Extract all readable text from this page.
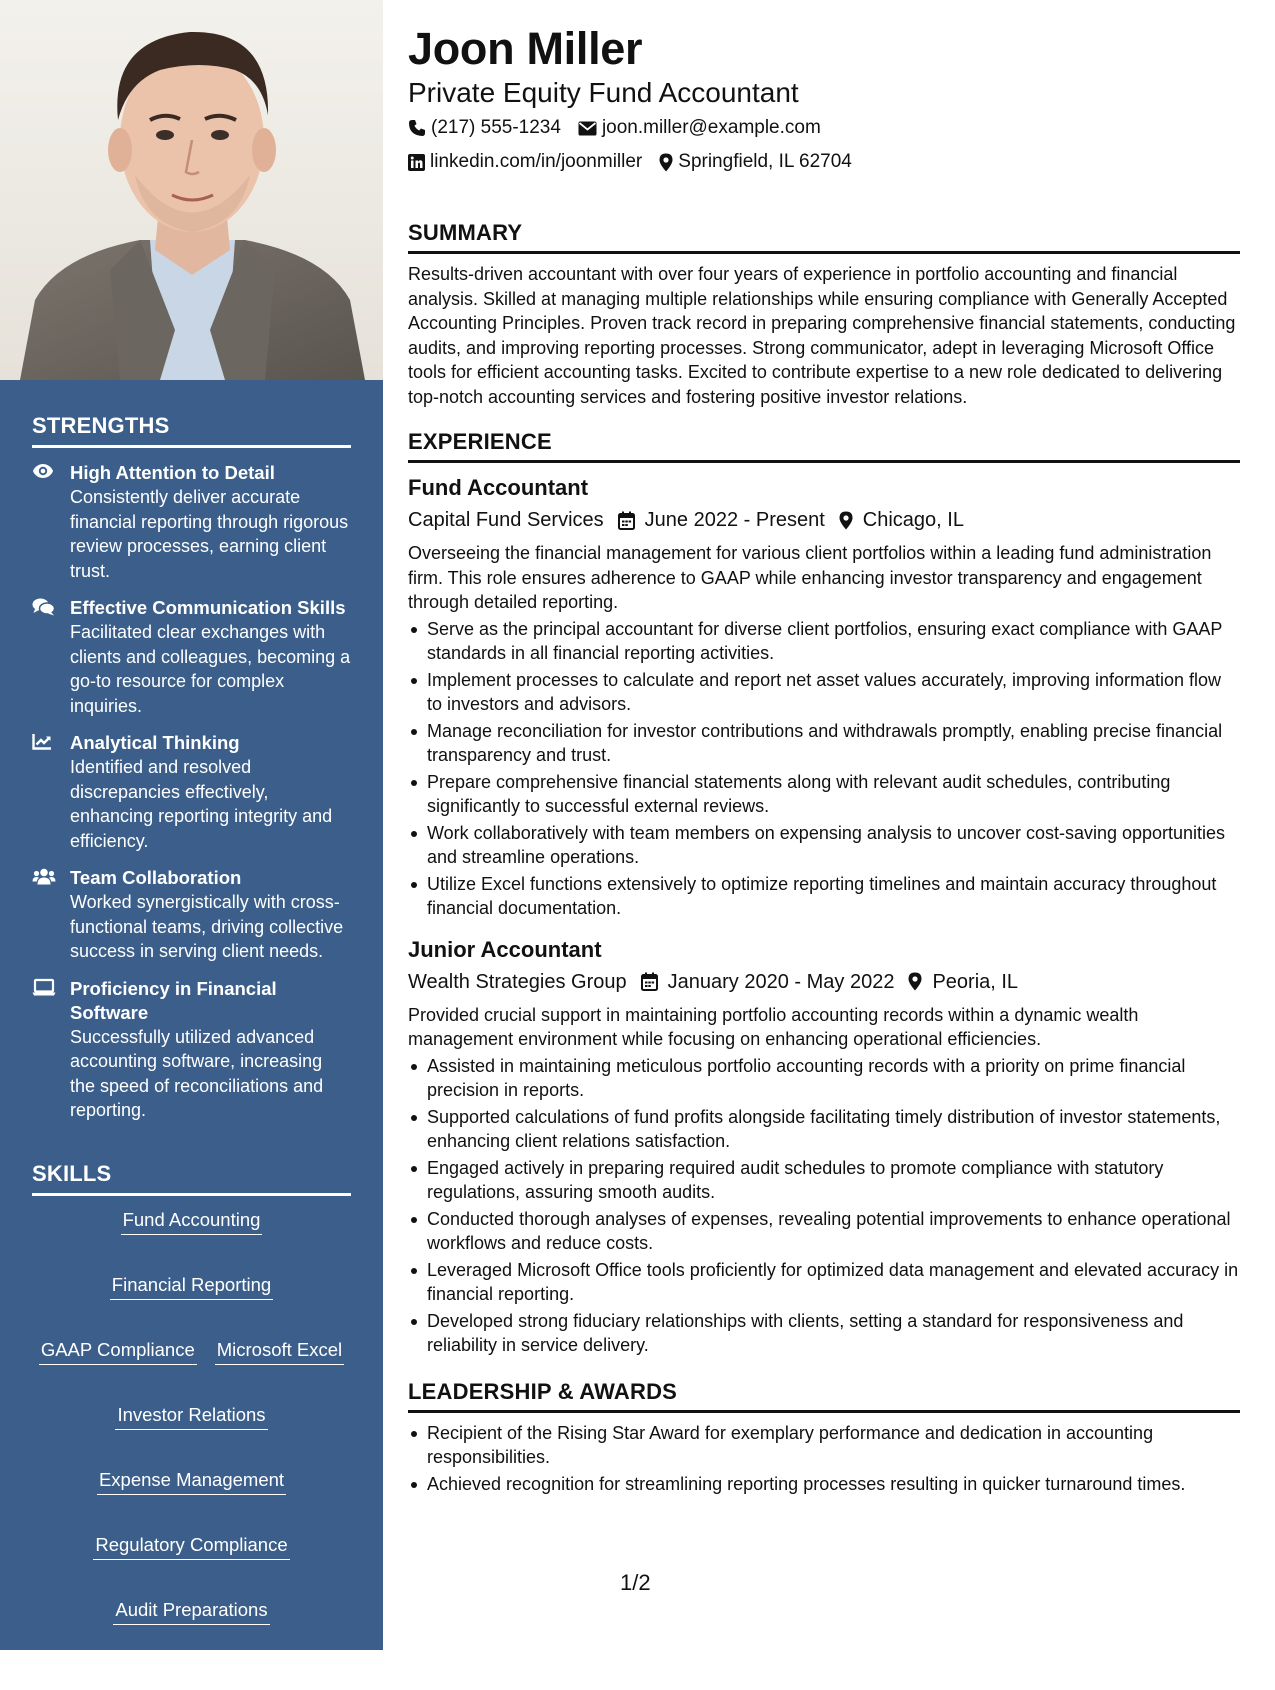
STRENGTHS
High Attention to Detail
Consistently deliver accurate financial reporting through rigorous review processes, earning client trust.
Effective Communication Skills
Facilitated clear exchanges with clients and colleagues, becoming a go-to resource for complex inquiries.
Analytical Thinking
Identified and resolved discrepancies effectively, enhancing reporting integrity and efficiency.
Team Collaboration
Worked synergistically with cross-functional teams, driving collective success in serving client needs.
Proficiency in Financial Software
Successfully utilized advanced accounting software, increasing the speed of reconciliations and reporting.
SKILLS
Fund Accounting
Financial Reporting
GAAP Compliance Microsoft Excel
Investor Relations
Expense Management
Regulatory Compliance
Audit Preparations
Net Asset Valuation
Joon Miller
Private Equity Fund Accountant
(217) 555-1234 joon.miller@example.com
linkedin.com/in/joonmiller Springfield, IL 62704
SUMMARY
Results-driven accountant with over four years of experience in portfolio accounting and financial analysis. Skilled at managing multiple relationships while ensuring compliance with Generally Accepted Accounting Principles. Proven track record in preparing comprehensive financial statements, conducting audits, and improving reporting processes. Strong communicator, adept in leveraging Microsoft Office tools for efficient accounting tasks. Excited to contribute expertise to a new role dedicated to delivering top-notch accounting services and fostering positive investor relations.
EXPERIENCE
Fund Accountant
Capital Fund Services June 2022 - Present Chicago, IL
Overseeing the financial management for various client portfolios within a leading fund administration firm. This role ensures adherence to GAAP while enhancing investor transparency and engagement through detailed reporting.
Serve as the principal accountant for diverse client portfolios, ensuring exact compliance with GAAP standards in all financial reporting activities.
Implement processes to calculate and report net asset values accurately, improving information flow to investors and advisors.
Manage reconciliation for investor contributions and withdrawals promptly, enabling precise financial transparency and trust.
Prepare comprehensive financial statements along with relevant audit schedules, contributing significantly to successful external reviews.
Work collaboratively with team members on expensing analysis to uncover cost-saving opportunities and streamline operations.
Utilize Excel functions extensively to optimize reporting timelines and maintain accuracy throughout financial documentation.
Junior Accountant
Wealth Strategies Group January 2020 - May 2022 Peoria, IL
Provided crucial support in maintaining portfolio accounting records within a dynamic wealth management environment while focusing on enhancing operational efficiencies.
Assisted in maintaining meticulous portfolio accounting records with a priority on prime financial precision in reports.
Supported calculations of fund profits alongside facilitating timely distribution of investor statements, enhancing client relations satisfaction.
Engaged actively in preparing required audit schedules to promote compliance with statutory regulations, assuring smooth audits.
Conducted thorough analyses of expenses, revealing potential improvements to enhance operational workflows and reduce costs.
Leveraged Microsoft Office tools proficiently for optimized data management and elevated accuracy in financial reporting.
Developed strong fiduciary relationships with clients, setting a standard for responsiveness and reliability in service delivery.
LEADERSHIP & AWARDS
Recipient of the Rising Star Award for exemplary performance and dedication in accounting responsibilities.
Achieved recognition for streamlining reporting processes resulting in quicker turnaround times.
1/2
